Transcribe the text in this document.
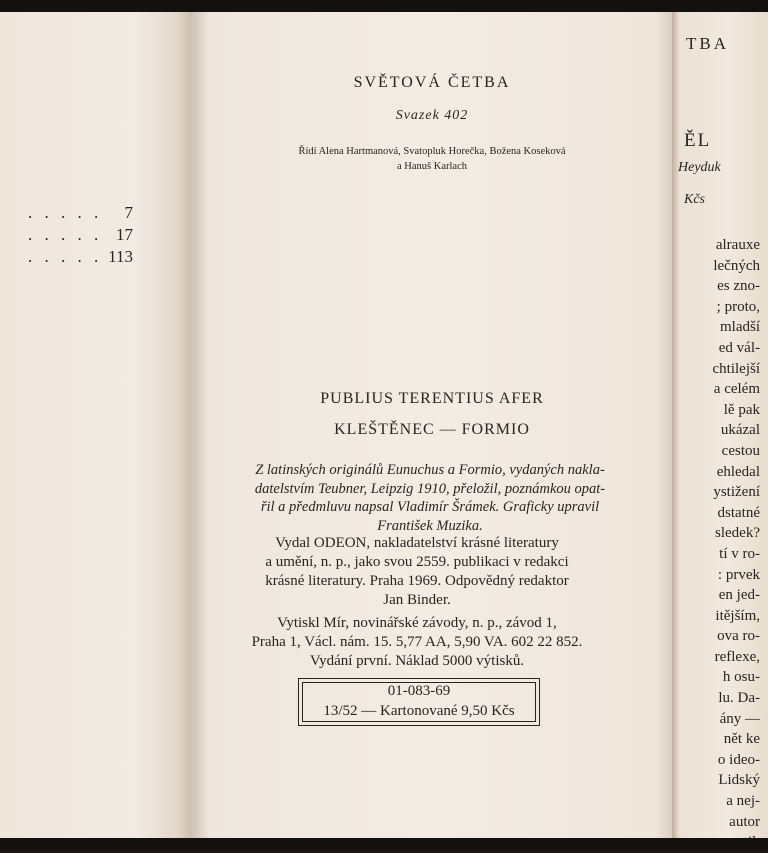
. . . . . 7
. . . . . 17
. . . . . 113
SVĚTOVÁ ČETBA
Svazek 402
Řídí Alena Hartmanová, Svatopluk Horečka, Božena Koseková
a Hanuš Karlach
PUBLIUS TERENTIUS AFER
KLEŠTĚNEC — FORMIO
Z latinských originálů Eunuchus a Formio, vydaných nakla-
datelstvím Teubner, Leipzig 1910, přeložil, poznámkou opat-
řil a předmluvu napsal Vladimír Šrámek. Graficky upravil
František Muzika.
Vydal ODEON, nakladatelství krásné literatury
a umění, n. p., jako svou 2559. publikaci v redakci
krásné literatury. Praha 1969. Odpovědný redaktor
Jan Binder.
Vytiskl Mír, novinářské závody, n. p., závod 1,
Praha 1, Václ. nám. 15. 5,77 AA, 5,90 VA. 602 22 852.
Vydání první. Náklad 5000 výtisků.
01-083-69
13/52 — Kartonované 9,50 Kčs
TBA
ĚL
Heyduk
Kčs
alrauxe
lečných
es zno-
; proto,
mladší
ed vál-
chtilejší
a celém
lě pak
ukázal
cestou
ehledal
ystižení
dstatné
sledek?
tí v ro-
: prvek
en jed-
itějším,
ova ro-
reflexe,
h osu-
lu. Da-
ány —
nět ke
o ideo-
Lidský
a nej-
autor
